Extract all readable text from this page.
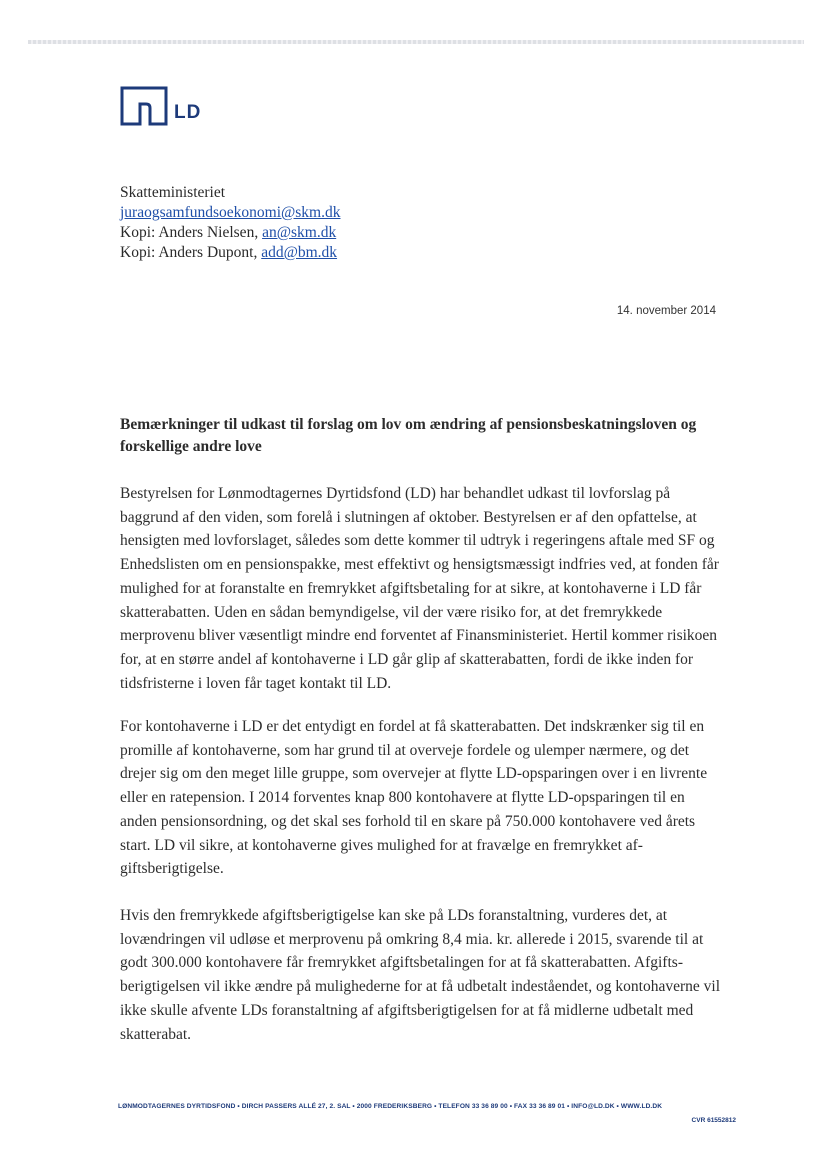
LD
Skatteministeriet
juraogsamfundsoekonomi@skm.dk
Kopi: Anders Nielsen, an@skm.dk
Kopi: Anders Dupont, add@bm.dk
14. november 2014
Bemærkninger til udkast til forslag om lov om ændring af pensionsbeskatningsloven og forskellige andre love
Bestyrelsen for Lønmodtagernes Dyrtidsfond (LD) har behandlet udkast til lovforslag på baggrund af den viden, som forelå i slutningen af oktober. Bestyrelsen er af den opfattelse, at hensigten med lovforslaget, således som dette kommer til udtryk i regeringens aftale med SF og Enhedslisten om en pensionspakke, mest effektivt og hensigtsmæssigt indfries ved, at fonden får mulighed for at foranstalte en fremrykket afgiftsbetaling for at sikre, at kontohaverne i LD får skatterabatten. Uden en sådan bemyndigelse, vil der være risiko for, at det fremrykkede merprovenu bliver væsentligt mindre end forventet af Finansministeriet. Hertil kommer risikoen for, at en større andel af kontohaverne i LD går glip af skatterabatten, fordi de ikke inden for tidsfristerne i loven får taget kontakt til LD.
For kontohaverne i LD er det entydigt en fordel at få skatterabatten. Det indskrænker sig til en promille af kontohaverne, som har grund til at overveje fordele og ulemper nærmere, og det drejer sig om den meget lille gruppe, som overvejer at flytte LD-opsparingen over i en livrente eller en ratepension. I 2014 forventes knap 800 kontohavere at flytte LD-opsparingen til en anden pensionsordning, og det skal ses forhold til en skare på 750.000 kontohavere ved årets start. LD vil sikre, at kontohaverne gives mulighed for at fravælge en fremrykket afgiftsberigtigelse.
Hvis den fremrykkede afgiftsberigtigelse kan ske på LDs foranstaltning, vurderes det, at lovændringen vil udløse et merprovenu på omkring 8,4 mia. kr. allerede i 2015, svarende til at godt 300.000 kontohavere får fremrykket afgiftsbetalingen for at få skatterabatten. Afgiftsberigtigelsen vil ikke ændre på mulighederne for at få udbetalt indeståendet, og kontohaverne vil ikke skulle afvente LDs foranstaltning af afgiftsberigtigelsen for at få midlerne udbetalt med skatterabat.
LØNMODTAGERNES DYRTIDSFOND • DIRCH PASSERS ALLÉ 27, 2. SAL • 2000 FREDERIKSBERG • TELEFON 33 36 89 00 • FAX 33 36 89 01 • INFO@LD.DK • WWW.LD.DK
CVR 61552812
